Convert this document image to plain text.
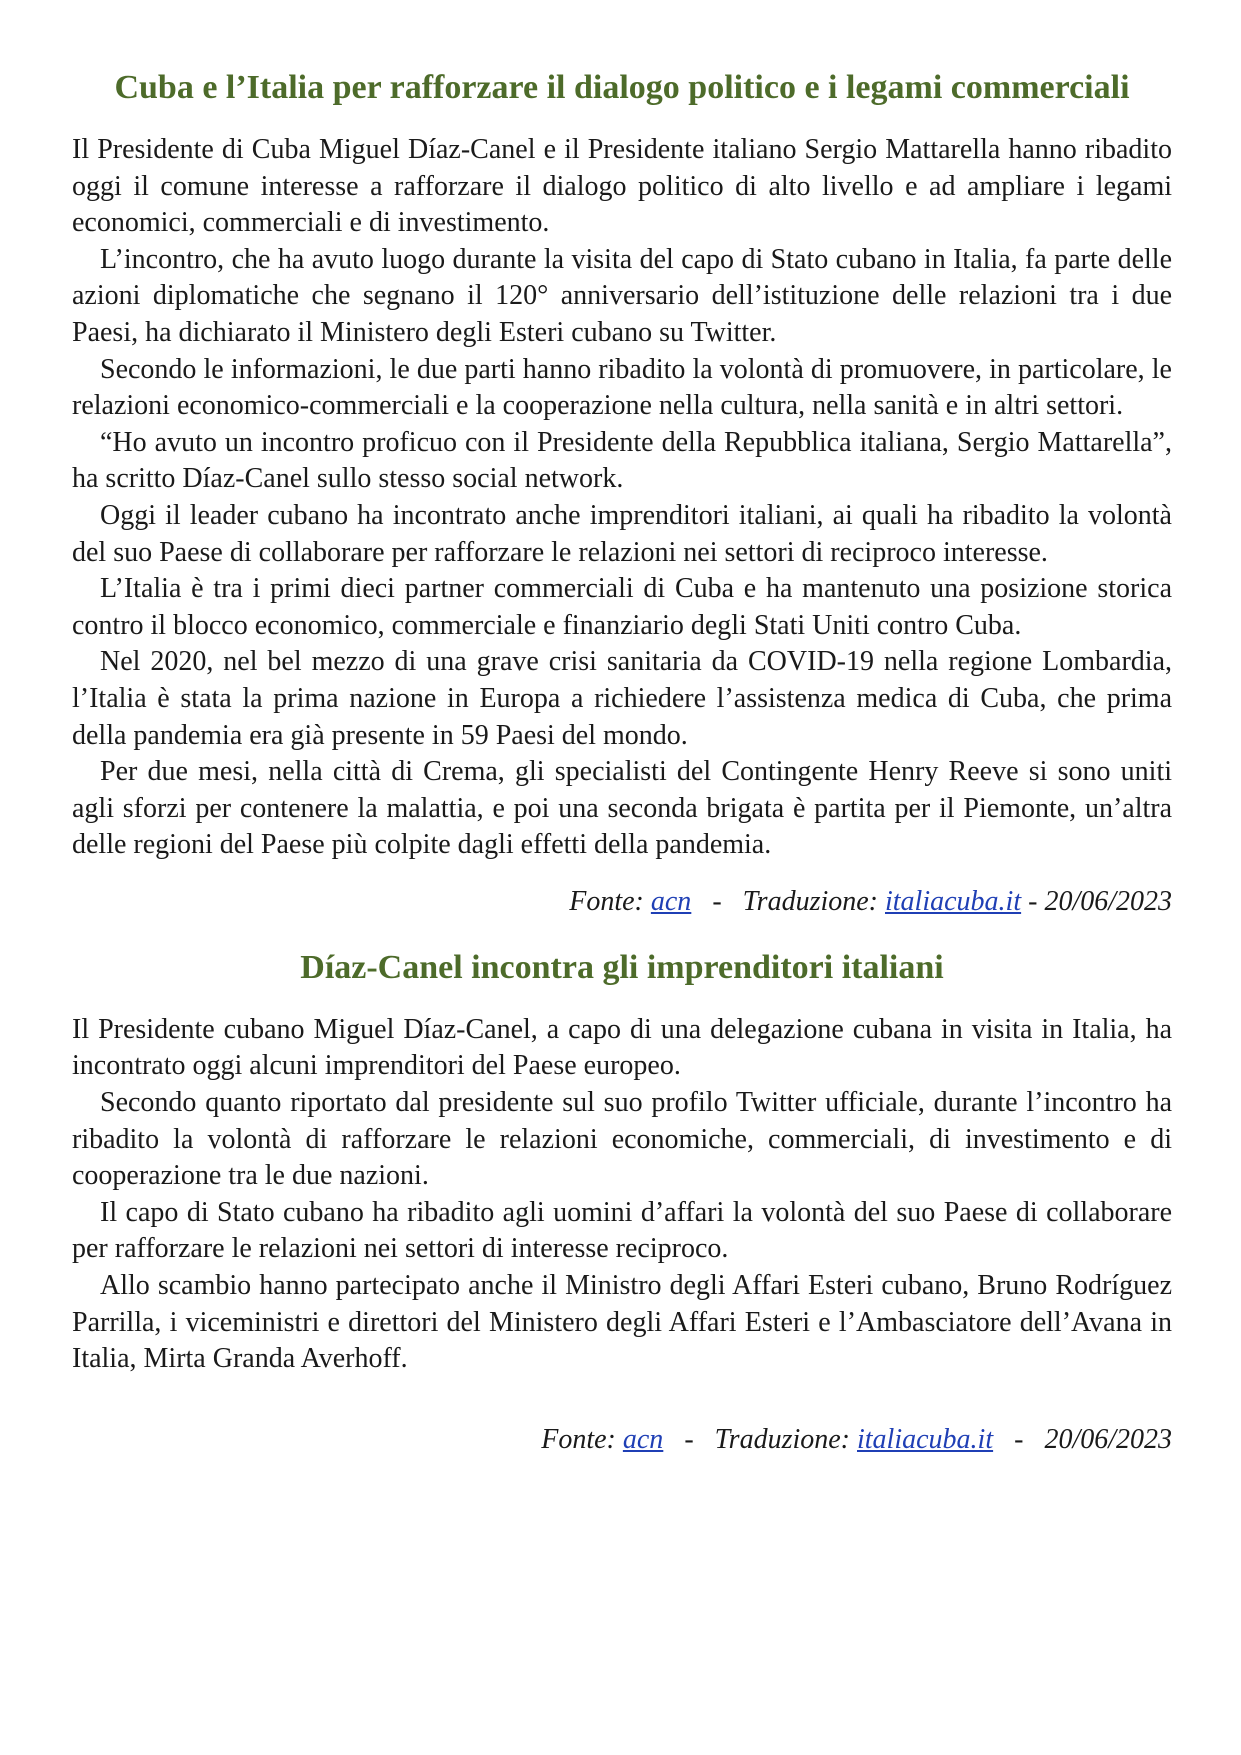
Cuba e l’Italia per rafforzare il dialogo politico e i legami commerciali

Il Presidente di Cuba Miguel Díaz-Canel e il Presidente italiano Sergio Mattarella hanno ribadito oggi il comune interesse a rafforzare il dialogo politico di alto livello e ad ampliare i legami economici, commerciali e di investimento.

L’incontro, che ha avuto luogo durante la visita del capo di Stato cubano in Italia, fa parte delle azioni diplomatiche che segnano il 120° anniversario dell’istituzione delle relazioni tra i due Paesi, ha dichiarato il Ministero degli Esteri cubano su Twitter.

Secondo le informazioni, le due parti hanno ribadito la volontà di promuovere, in particolare, le relazioni economico-commerciali e la cooperazione nella cultura, nella sanità e in altri settori.

“Ho avuto un incontro proficuo con il Presidente della Repubblica italiana, Sergio Mattarella”, ha scritto Díaz-Canel sullo stesso social network.

Oggi il leader cubano ha incontrato anche imprenditori italiani, ai quali ha ribadito la volontà del suo Paese di collaborare per rafforzare le relazioni nei settori di reciproco interesse.

L’Italia è tra i primi dieci partner commerciali di Cuba e ha mantenuto una posizione storica contro il blocco economico, commerciale e finanziario degli Stati Uniti contro Cuba.

Nel 2020, nel bel mezzo di una grave crisi sanitaria da COVID-19 nella regione Lombardia, l’Italia è stata la prima nazione in Europa a richiedere l’assistenza medica di Cuba, che prima della pandemia era già presente in 59 Paesi del mondo.

Per due mesi, nella città di Crema, gli specialisti del Contingente Henry Reeve si sono uniti agli sforzi per contenere la malattia, e poi una seconda brigata è partita per il Piemonte, un’altra delle regioni del Paese più colpite dagli effetti della pandemia.

Fonte: acn   -   Traduzione: italiacuba.it - 20/06/2023
Díaz-Canel incontra gli imprenditori italiani

Il Presidente cubano Miguel Díaz-Canel, a capo di una delegazione cubana in visita in Italia, ha incontrato oggi alcuni imprenditori del Paese europeo.

Secondo quanto riportato dal presidente sul suo profilo Twitter ufficiale, durante l’incontro ha ribadito la volontà di rafforzare le relazioni economiche, commerciali, di investimento e di cooperazione tra le due nazioni.

Il capo di Stato cubano ha ribadito agli uomini d’affari la volontà del suo Paese di collaborare per rafforzare le relazioni nei settori di interesse reciproco.

Allo scambio hanno partecipato anche il Ministro degli Affari Esteri cubano, Bruno Rodríguez Parrilla, i viceministri e direttori del Ministero degli Affari Esteri e l’Ambasciatore dell’Avana in Italia, Mirta Granda Averhoff.

Fonte: acn   -   Traduzione: italiacuba.it   -   20/06/2023
